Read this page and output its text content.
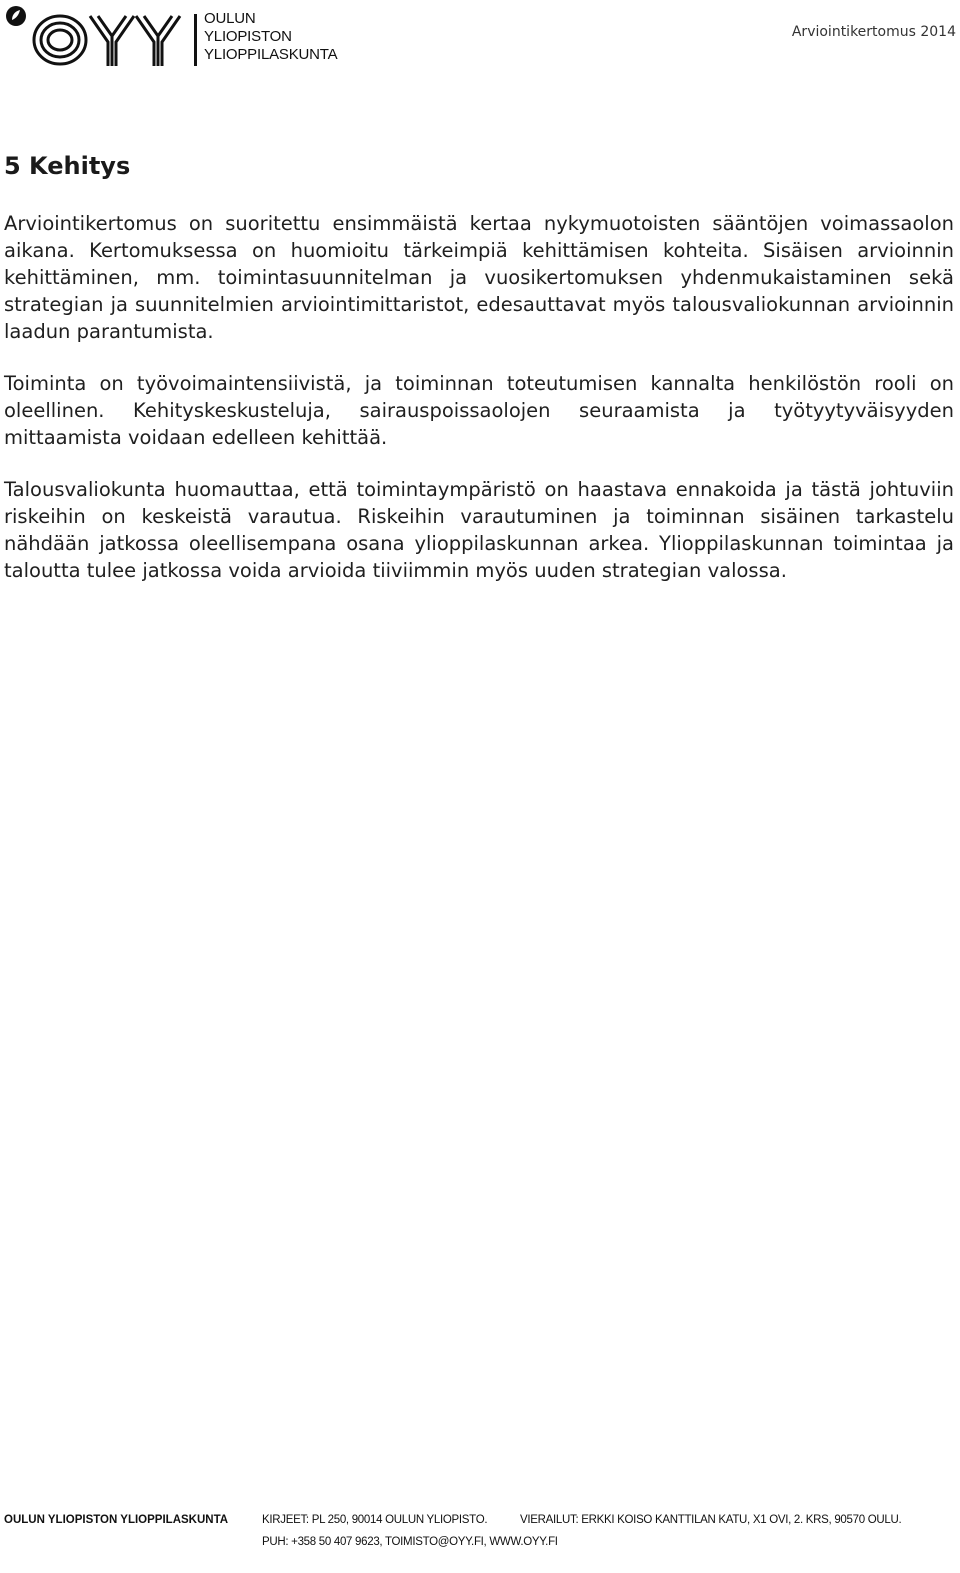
OULUN
YLIOPISTON
YLIOPPILASKUNTA
Arviointikertomus 2014
5 Kehitys

Arviointikertomus on suoritettu ensimmäistä kertaa nykymuotoisten sääntöjen voimassaolon aikana. Kertomuksessa on huomioitu tärkeimpiä kehittämisen kohteita. Sisäisen arvioinnin kehittäminen, mm. toimintasuunnitelman ja vuosikertomuksen yhdenmukaistaminen sekä strategian ja suunnitelmien arviointimittaristot, edesauttavat myös talousvaliokunnan arvioinnin laadun parantumista.

Toiminta on työvoimaintensiivistä, ja toiminnan toteutumisen kannalta henkilöstön rooli on oleellinen. Kehityskeskusteluja, sairauspoissaolojen seuraamista ja työtyytyväisyyden mittaamista voidaan edelleen kehittää.

Talousvaliokunta huomauttaa, että toimintaympäristö on haastava ennakoida ja tästä johtuviin riskeihin on keskeistä varautua. Riskeihin varautuminen ja toiminnan sisäinen tarkastelu nähdään jatkossa oleellisempana osana ylioppilaskunnan arkea. Ylioppilaskunnan toimintaa ja taloutta tulee jatkossa voida arvioida tiiviimmin myös uuden strategian valossa.

OULUN YLIOPISTON YLIOPPILASKUNTA	KIRJEET: PL 250, 90014 OULUN YLIOPISTO.	VIERAILUT: ERKKI KOISO KANTTILAN KATU, X1 OVI, 2. KRS, 90570 OULU.
PUH: +358 50 407 9623, TOIMISTO@OYY.FI, WWW.OYY.FI
